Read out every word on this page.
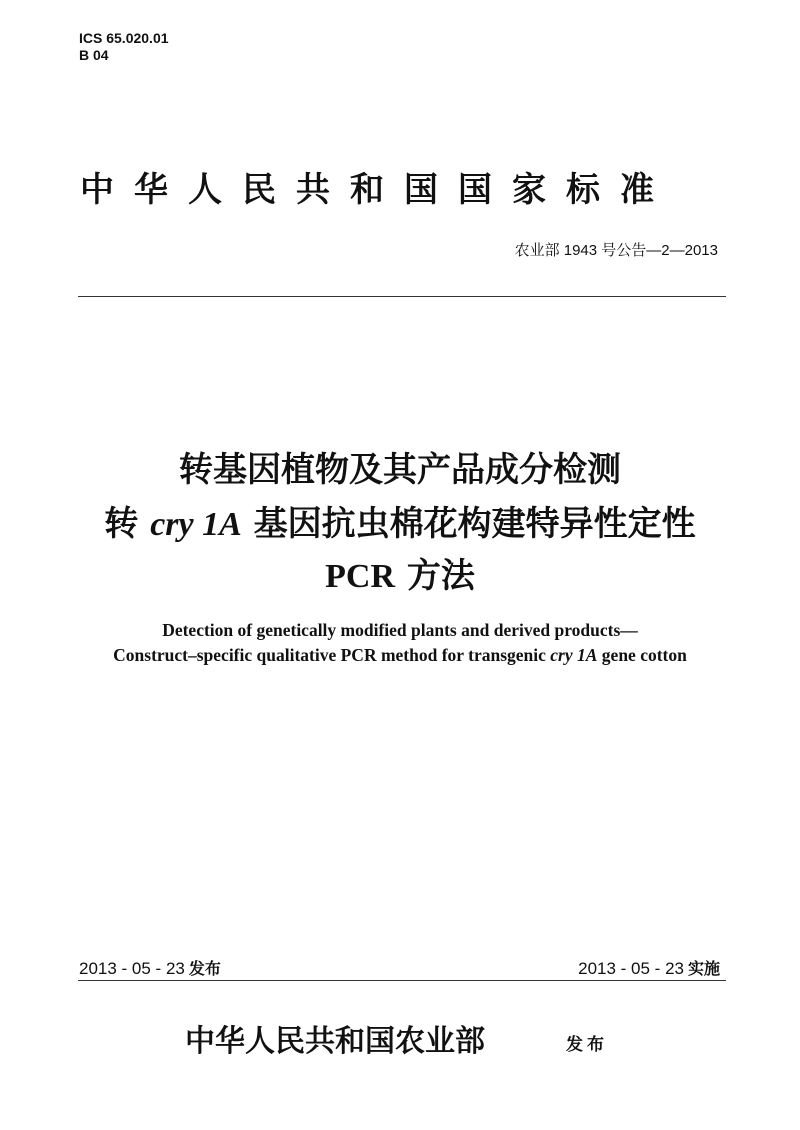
ICS 65.020.01
B 04
中华人民共和国国家标准
农业部 1943 号公告—2—2013
转基因植物及其产品成分检测
转 cry 1A 基因抗虫棉花构建特异性定性
PCR 方法
Detection of genetically modified plants and derived products—
Construct–specific qualitative PCR method for transgenic cry 1A gene cotton
2013 - 05 - 23 发布	2013 - 05 - 23 实施
中华人民共和国农业部	发布
